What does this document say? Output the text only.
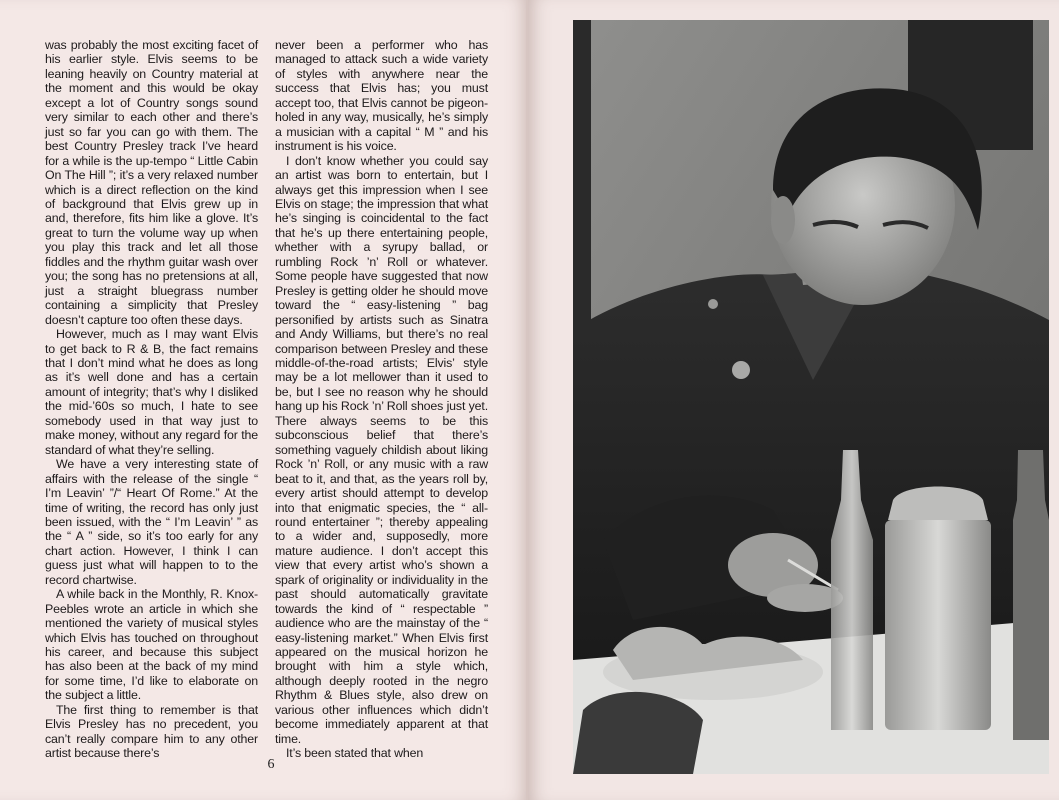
was probably the most exciting facet of his earlier style. Elvis seems to be leaning heavily on Country material at the moment and this would be okay except a lot of Country songs sound very similar to each other and there’s just so far you can go with them. The best Country Presley track I’ve heard for a while is the up-tempo “ Little Cabin On The Hill ”; it’s a very relaxed number which is a direct reflection on the kind of background that Elvis grew up in and, therefore, fits him like a glove. It’s great to turn the volume way up when you play this track and let all those fiddles and the rhythm guitar wash over you; the song has no pretensions at all, just a straight bluegrass number containing a simplicity that Presley doesn’t capture too often these days.

However, much as I may want Elvis to get back to R & B, the fact remains that I don’t mind what he does as long as it’s well done and has a certain amount of integrity; that’s why I disliked the mid-’60s so much, I hate to see somebody used in that way just to make money, without any regard for the standard of what they’re selling.

We have a very interesting state of affairs with the release of the single “ I’m Leavin’ ”/“ Heart Of Rome.” At the time of writing, the record has only just been issued, with the “ I’m Leavin’ ” as the “ A ” side, so it’s too early for any chart action. However, I think I can guess just what will happen to to the record chartwise.

A while back in the Monthly, R. Knox-Peebles wrote an article in which she mentioned the variety of musical styles which Elvis has touched on throughout his career, and because this subject has also been at the back of my mind for some time, I’d like to elaborate on the subject a little.

The first thing to remember is that Elvis Presley has no precedent, you can’t really compare him to any other artist because there’s

never been a performer who has managed to attack such a wide variety of styles with anywhere near the success that Elvis has; you must accept too, that Elvis cannot be pigeon-holed in any way, musically, he’s simply a musician with a capital “ M ” and his instrument is his voice.

I don’t know whether you could say an artist was born to entertain, but I always get this impression when I see Elvis on stage; the impression that what he’s singing is coincidental to the fact that he’s up there entertaining people, whether with a syrupy ballad, or rumbling Rock ’n’ Roll or whatever. Some people have suggested that now Presley is getting older he should move toward the “ easy-listening ” bag personified by artists such as Sinatra and Andy Williams, but there’s no real comparison between Presley and these middle-of-the-road artists; Elvis’ style may be a lot mellower than it used to be, but I see no reason why he should hang up his Rock ’n’ Roll shoes just yet. There always seems to be this subconscious belief that there’s something vaguely childish about liking Rock ’n’ Roll, or any music with a raw beat to it, and that, as the years roll by, every artist should attempt to develop into that enigmatic species, the “ all-round entertainer ”; thereby appealing to a wider and, supposedly, more mature audience. I don’t accept this view that every artist who’s shown a spark of originality or individuality in the past should automatically gravitate towards the kind of “ respectable ” audience who are the mainstay of the “ easy-listening market.” When Elvis first appeared on the musical horizon he brought with him a style which, although deeply rooted in the negro Rhythm & Blues style, also drew on various other influences which didn’t become immediately apparent at that time.

It’s been stated that when

6
